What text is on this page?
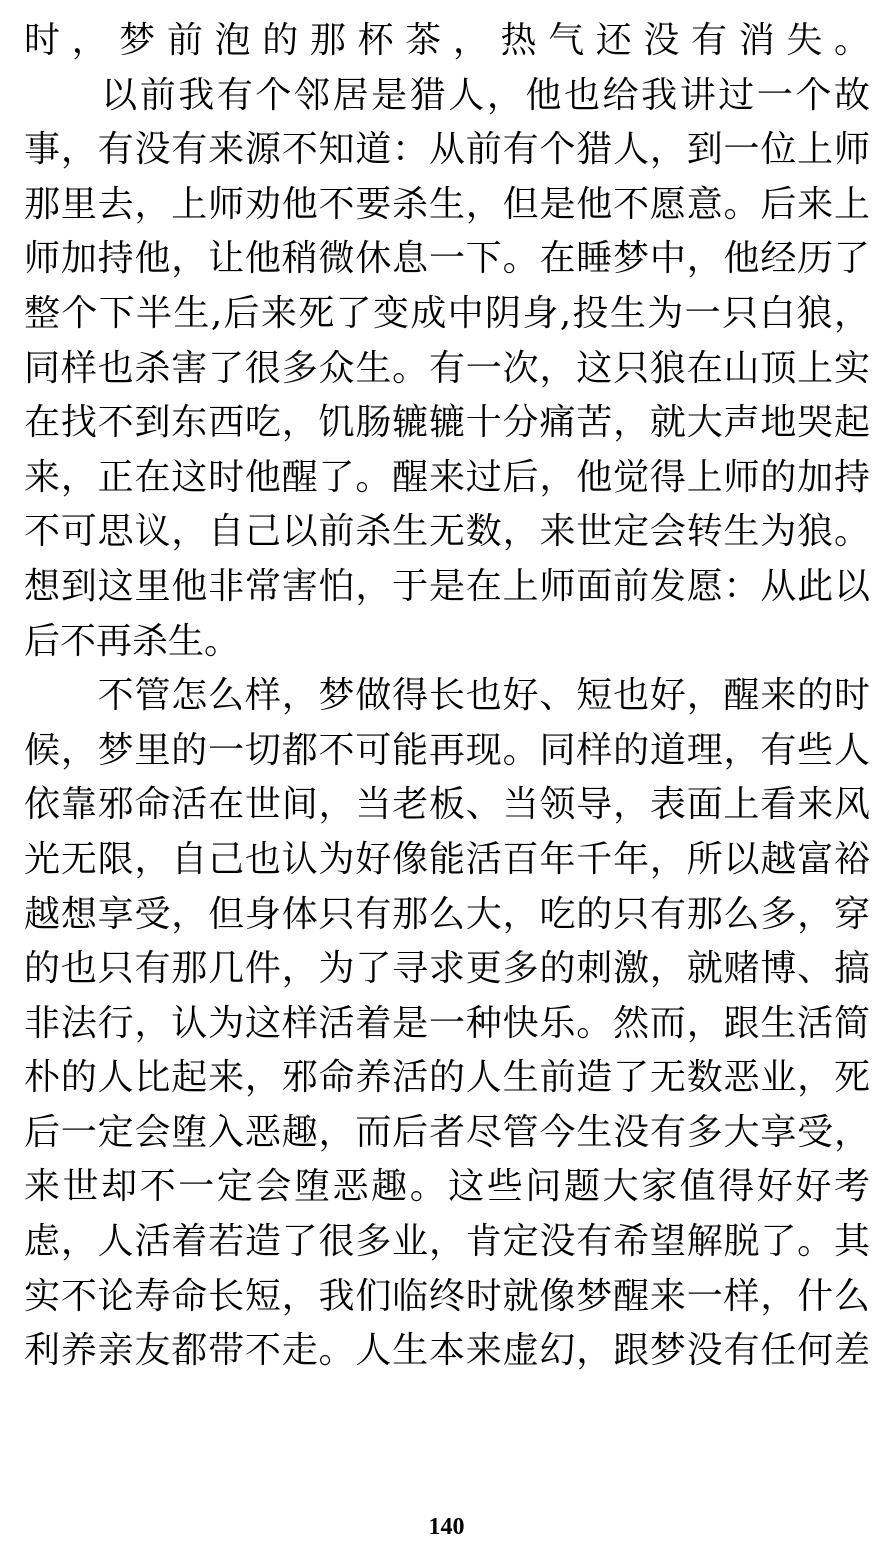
时，梦前泡的那杯茶，热气还没有消失。
　　以前我有个邻居是猎人，他也给我讲过一个故
事，有没有来源不知道：从前有个猎人，到一位上师
那里去，上师劝他不要杀生，但是他不愿意。后来上
师加持他，让他稍微休息一下。在睡梦中，他经历了
整个下半生,后来死了变成中阴身,投生为一只白狼，
同样也杀害了很多众生。有一次，这只狼在山顶上实
在找不到东西吃，饥肠辘辘十分痛苦，就大声地哭起
来，正在这时他醒了。醒来过后，他觉得上师的加持
不可思议，自己以前杀生无数，来世定会转生为狼。
想到这里他非常害怕，于是在上师面前发愿：从此以
后不再杀生。
　　不管怎么样，梦做得长也好、短也好，醒来的时
候，梦里的一切都不可能再现。同样的道理，有些人
依靠邪命活在世间，当老板、当领导，表面上看来风
光无限，自己也认为好像能活百年千年，所以越富裕
越想享受，但身体只有那么大，吃的只有那么多，穿
的也只有那几件，为了寻求更多的刺激，就赌博、搞
非法行，认为这样活着是一种快乐。然而，跟生活简
朴的人比起来，邪命养活的人生前造了无数恶业，死
后一定会堕入恶趣，而后者尽管今生没有多大享受，
来世却不一定会堕恶趣。这些问题大家值得好好考
虑，人活着若造了很多业，肯定没有希望解脱了。其
实不论寿命长短，我们临终时就像梦醒来一样，什么
利养亲友都带不走。人生本来虚幻，跟梦没有任何差
140
